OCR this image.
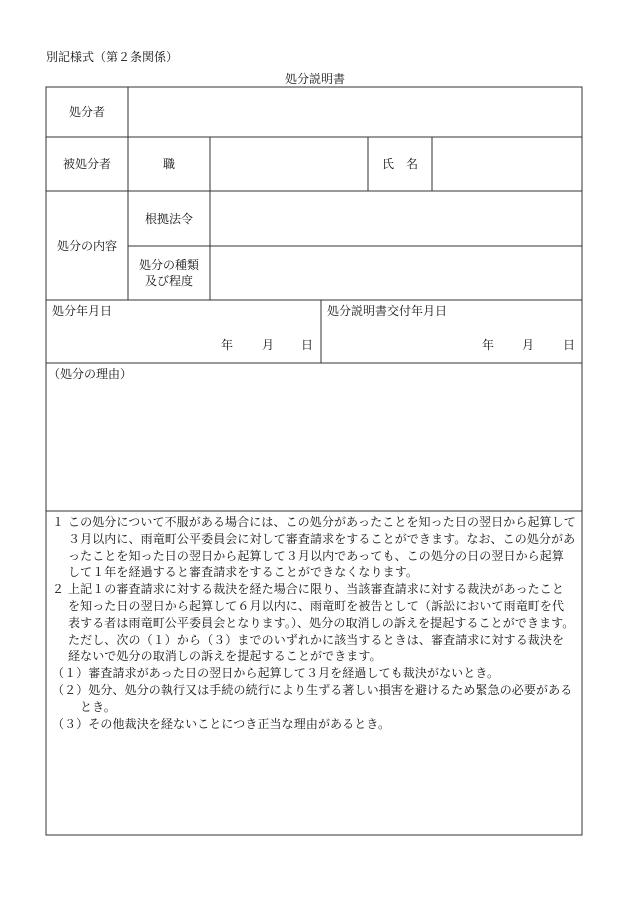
別記様式（第２条関係）
処分説明書
処分者
被処分者	職	氏　名
処分の内容
根拠法令
処分の種類
及び程度
処分年月日
年 月 日
処分説明書交付年月日
年 月 日
（処分の理由）
１ この処分について不服がある場合には、この処分があったことを知った日の翌日から起算して３月以内に、雨竜町公平委員会に対して審査請求をすることができます。なお、この処分があったことを知った日の翌日から起算して３月以内であっても、この処分の日の翌日から起算して１年を経過すると審査請求をすることができなくなります。
２ 上記１の審査請求に対する裁決を経た場合に限り、当該審査請求に対する裁決があったことを知った日の翌日から起算して６月以内に、雨竜町を被告として（訴訟において雨竜町を代表する者は雨竜町公平委員会となります。）、処分の取消しの訴えを提起することができます。ただし、次の（１）から（３）までのいずれかに該当するときは、審査請求に対する裁決を経ないで処分の取消しの訴えを提起することができます。
（１）審査請求があった日の翌日から起算して３月を経過しても裁決がないとき。
（２）処分、処分の執行又は手続の続行により生ずる著しい損害を避けるため緊急の必要があるとき。
（３）その他裁決を経ないことにつき正当な理由があるとき。
